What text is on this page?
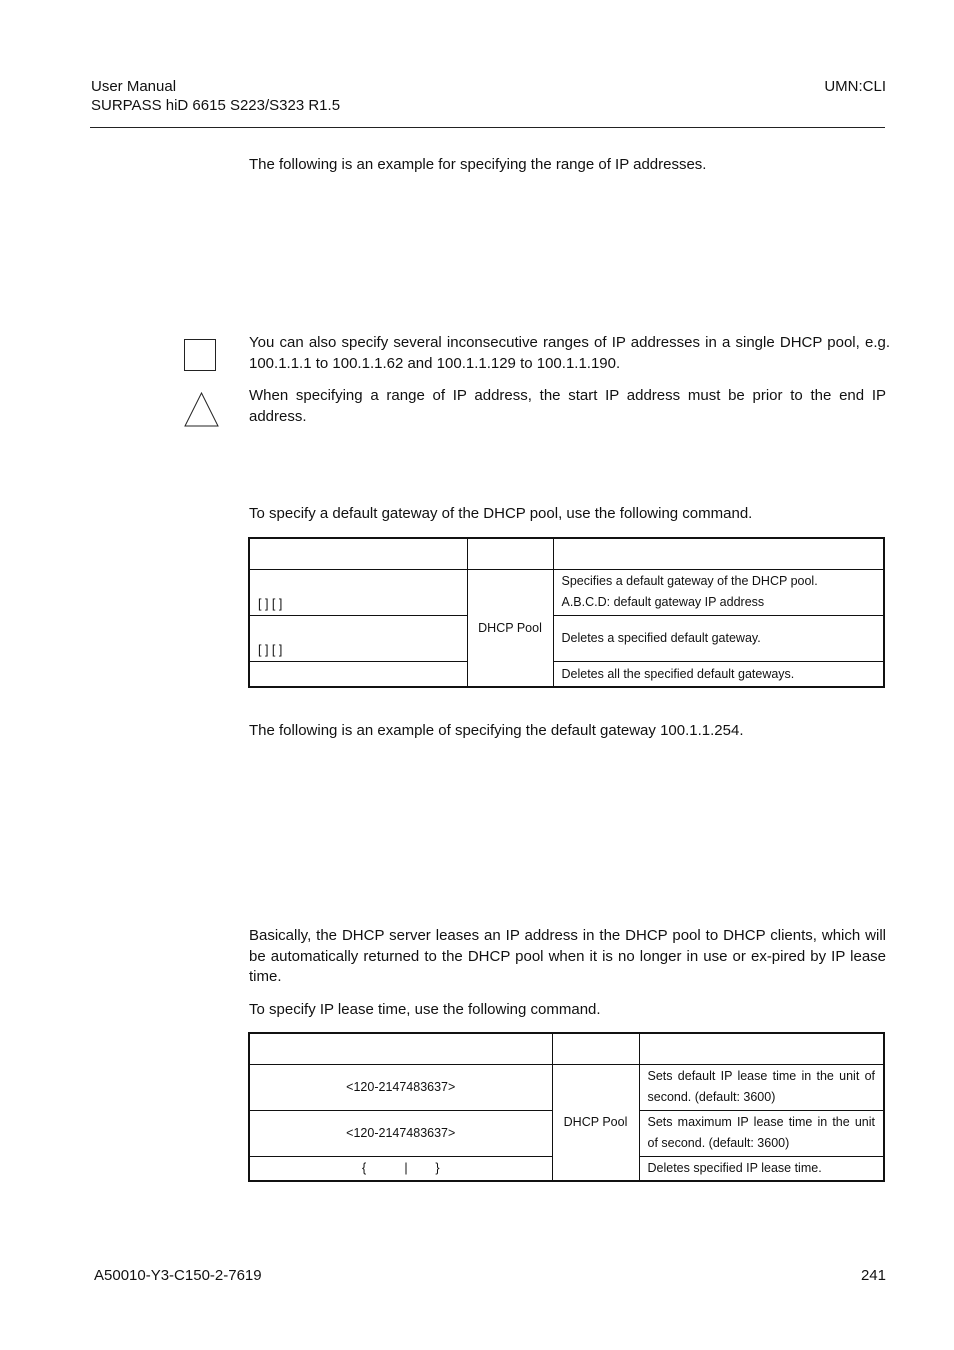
User Manual
SURPASS hiD 6615 S223/S323 R1.5
UMN:CLI
The following is an example for specifying the range of IP addresses.
You can also specify several inconsecutive ranges of IP addresses in a single DHCP pool, e.g. 100.1.1.1 to 100.1.1.62 and 100.1.1.129 to 100.1.1.190.
When specifying a range of IP address, the start IP address must be prior to the end IP address.
To specify a default gateway of the DHCP pool, use the following command.

[ ] [ ]	DHCP Pool	Specifies a default gateway of the DHCP pool.
A.B.C.D: default gateway IP address

[ ] [ ]		Deletes a specified default gateway.
		Deletes all the specified default gateways.
The following is an example of specifying the default gateway 100.1.1.254.
Basically, the DHCP server leases an IP address in the DHCP pool to DHCP clients, which will be automatically returned to the DHCP pool when it is no longer in use or ex-pired by IP lease time.
To specify IP lease time, use the following command.

<120-2147483637>	DHCP Pool	Sets default IP lease time in the unit of second. (default: 3600)
<120-2147483637>		Sets maximum IP lease time in the unit of second. (default: 3600)
{           |        }		Deletes specified IP lease time.
A50010-Y3-C150-2-7619	241
